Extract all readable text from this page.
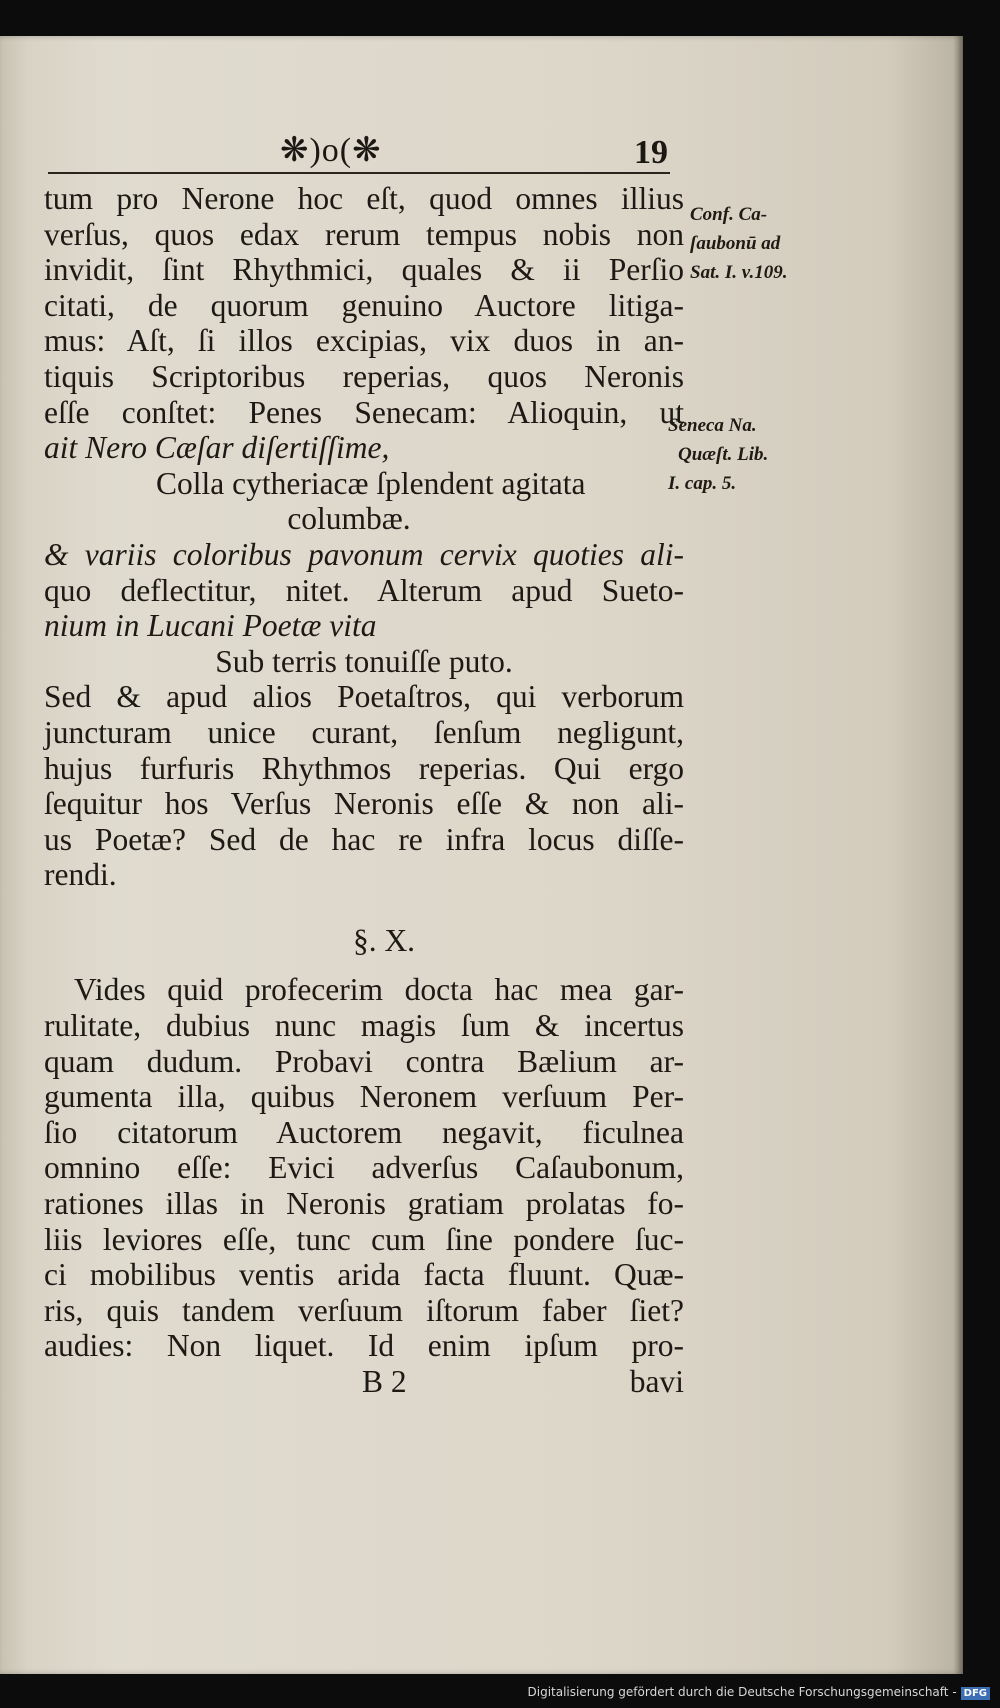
❋)o(❋	19
tum pro Nerone hoc eſt, quod omnes illius
verſus, quos edax rerum tempus nobis non
invidit, ſint Rhythmici, quales & ii Perſio
citati, de quorum genuino Auctore litiga-
mus: Aſt, ſi illos excipias, vix duos in an-
tiquis Scriptoribus reperias, quos Neronis
eſſe conſtet: Penes Senecam: Alioquin, ut
ait Nero Cæſar diſertiſſime,
Colla cytheriacæ ſplendent agitata
columbæ.
& variis coloribus pavonum cervix quoties ali-
quo deflectitur, nitet. Alterum apud Sueto-
nium in Lucani Poetæ vita
Sub terris tonuiſſe puto.
Sed & apud alios Poetaſtros, qui verborum
juncturam unice curant, ſenſum negligunt,
hujus furfuris Rhythmos reperias. Qui ergo
ſequitur hos Verſus Neronis eſſe & non ali-
us Poetæ? Sed de hac re infra locus diſſe-
rendi.
§. X.
Vides quid profecerim docta hac mea gar-
rulitate, dubius nunc magis ſum & incertus
quam dudum. Probavi contra Bælium ar-
gumenta illa, quibus Neronem verſuum Per-
ſio citatorum Auctorem negavit, ficulnea
omnino eſſe: Evici adverſus Caſaubonum,
rationes illas in Neronis gratiam prolatas fo-
liis leviores eſſe, tunc cum ſine pondere ſuc-
ci mobilibus ventis arida facta fluunt. Quæ-
ris, quis tandem verſuum iſtorum faber ſiet?
audies: Non liquet. Id enim ipſum pro-
B 2	bavi
Conf. Ca-
ſaubonū ad
Sat. I. v.109.
Seneca Na.
Quæſt. Lib.
I. cap. 5.
Digitalisierung gefördert durch die Deutsche Forschungsgemeinschaft - DFG
